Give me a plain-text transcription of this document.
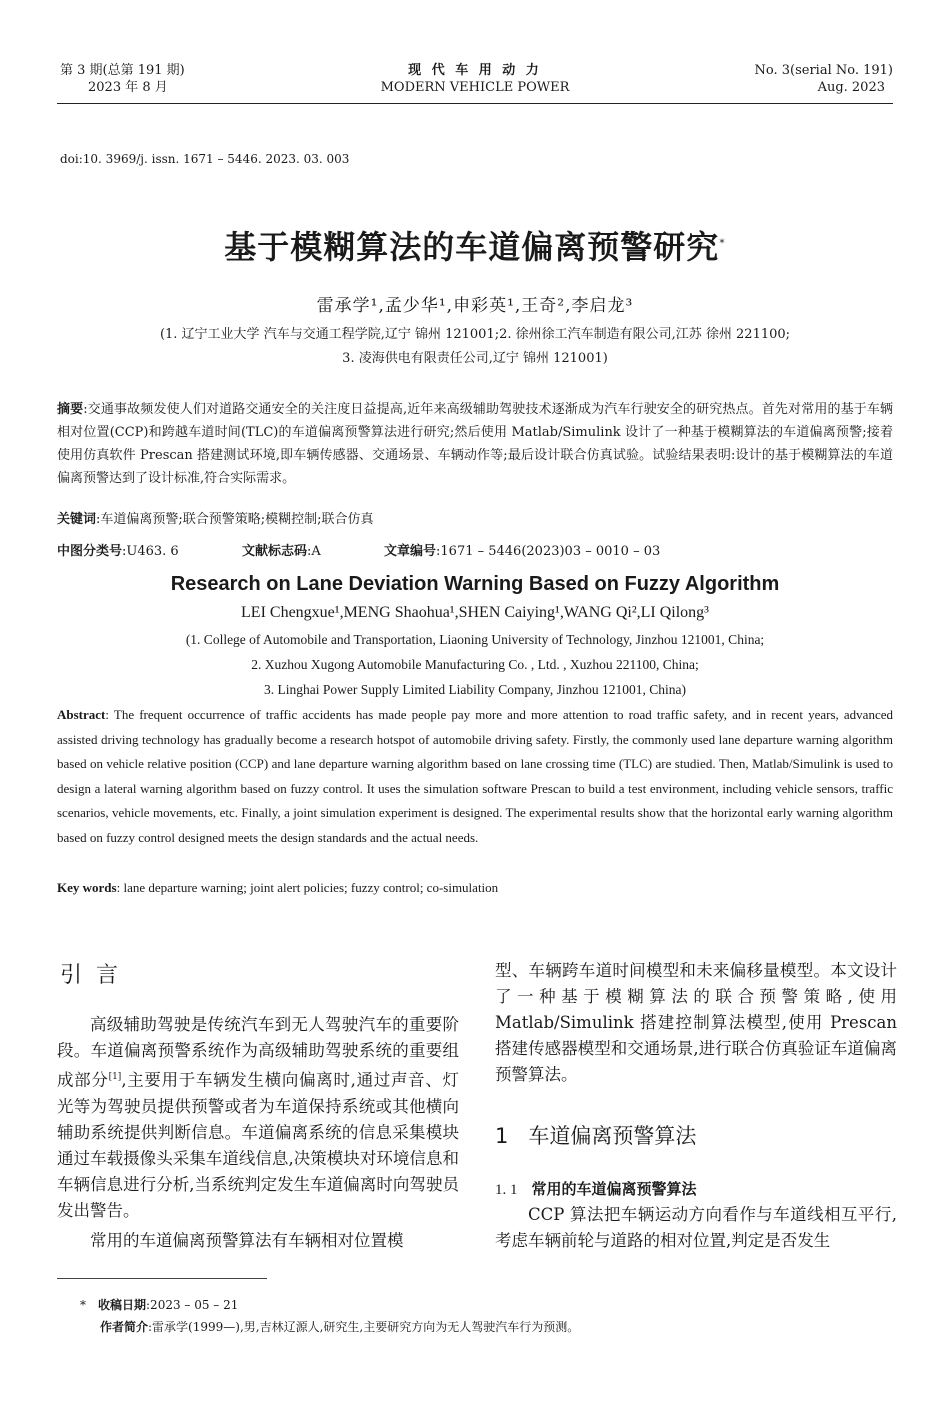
第 3 期(总第 191 期)
2023 年 8 月
现 代 车 用 动 力
MODERN VEHICLE POWER
No. 3(serial No. 191)
Aug. 2023
doi:10. 3969/j. issn. 1671 – 5446. 2023. 03. 003
基于模糊算法的车道偏离预警研究*
雷承学¹,孟少华¹,申彩英¹,王奇²,李启龙³
(1. 辽宁工业大学 汽车与交通工程学院,辽宁 锦州 121001;2. 徐州徐工汽车制造有限公司,江苏 徐州 221100;
3. 凌海供电有限责任公司,辽宁 锦州 121001)
摘要:交通事故频发使人们对道路交通安全的关注度日益提高,近年来高级辅助驾驶技术逐渐成为汽车行驶安全的研究热点。首先对常用的基于车辆相对位置(CCP)和跨越车道时间(TLC)的车道偏离预警算法进行研究;然后使用 Matlab/Simulink 设计了一种基于模糊算法的车道偏离预警;接着使用仿真软件 Prescan 搭建测试环境,即车辆传感器、交通场景、车辆动作等;最后设计联合仿真试验。试验结果表明:设计的基于模糊算法的车道偏离预警达到了设计标准,符合实际需求。
关键词:车道偏离预警;联合预警策略;模糊控制;联合仿真
中图分类号:U463. 6	文献标志码:A	文章编号:1671 – 5446(2023)03 – 0010 – 03
Research on Lane Deviation Warning Based on Fuzzy Algorithm
LEI Chengxue¹,MENG Shaohua¹,SHEN Caiying¹,WANG Qi²,LI Qilong³
(1. College of Automobile and Transportation, Liaoning University of Technology, Jinzhou 121001, China;
2. Xuzhou Xugong Automobile Manufacturing Co. , Ltd. , Xuzhou 221100, China;
3. Linghai Power Supply Limited Liability Company, Jinzhou 121001, China)
Abstract: The frequent occurrence of traffic accidents has made people pay more and more attention to road traffic safety, and in recent years, advanced assisted driving technology has gradually become a research hotspot of automobile driving safety. Firstly, the commonly used lane departure warning algorithm based on vehicle relative position (CCP) and lane departure warning algorithm based on lane crossing time (TLC) are studied. Then, Matlab/Simulink is used to design a lateral warning algorithm based on fuzzy control. It uses the simulation software Prescan to build a test environment, including vehicle sensors, traffic scenarios, vehicle movements, etc. Finally, a joint simulation experiment is designed. The experimental results show that the horizontal early warning algorithm based on fuzzy control designed meets the design standards and the actual needs.
Key words: lane departure warning; joint alert policies; fuzzy control; co-simulation
引言
高级辅助驾驶是传统汽车到无人驾驶汽车的重要阶段。车道偏离预警系统作为高级辅助驾驶系统的重要组成部分[1],主要用于车辆发生横向偏离时,通过声音、灯光等为驾驶员提供预警或者为车道保持系统或其他横向辅助系统提供判断信息。车道偏离系统的信息采集模块通过车载摄像头采集车道线信息,决策模块对环境信息和车辆信息进行分析,当系统判定发生车道偏离时向驾驶员发出警告。
常用的车道偏离预警算法有车辆相对位置模
型、车辆跨车道时间模型和未来偏移量模型。本文设计了一种基于模糊算法的联合预警策略,使用 Matlab/Simulink 搭建控制算法模型,使用 Prescan 搭建传感器模型和交通场景,进行联合仿真验证车道偏离预警算法。
1   车道偏离预警算法
1. 1 常用的车道偏离预警算法
CCP 算法把车辆运动方向看作与车道线相互平行,考虑车辆前轮与道路的相对位置,判定是否发生
* 收稿日期:2023 – 05 – 21
作者简介:雷承学(1999—),男,吉林辽源人,研究生,主要研究方向为无人驾驶汽车行为预测。
